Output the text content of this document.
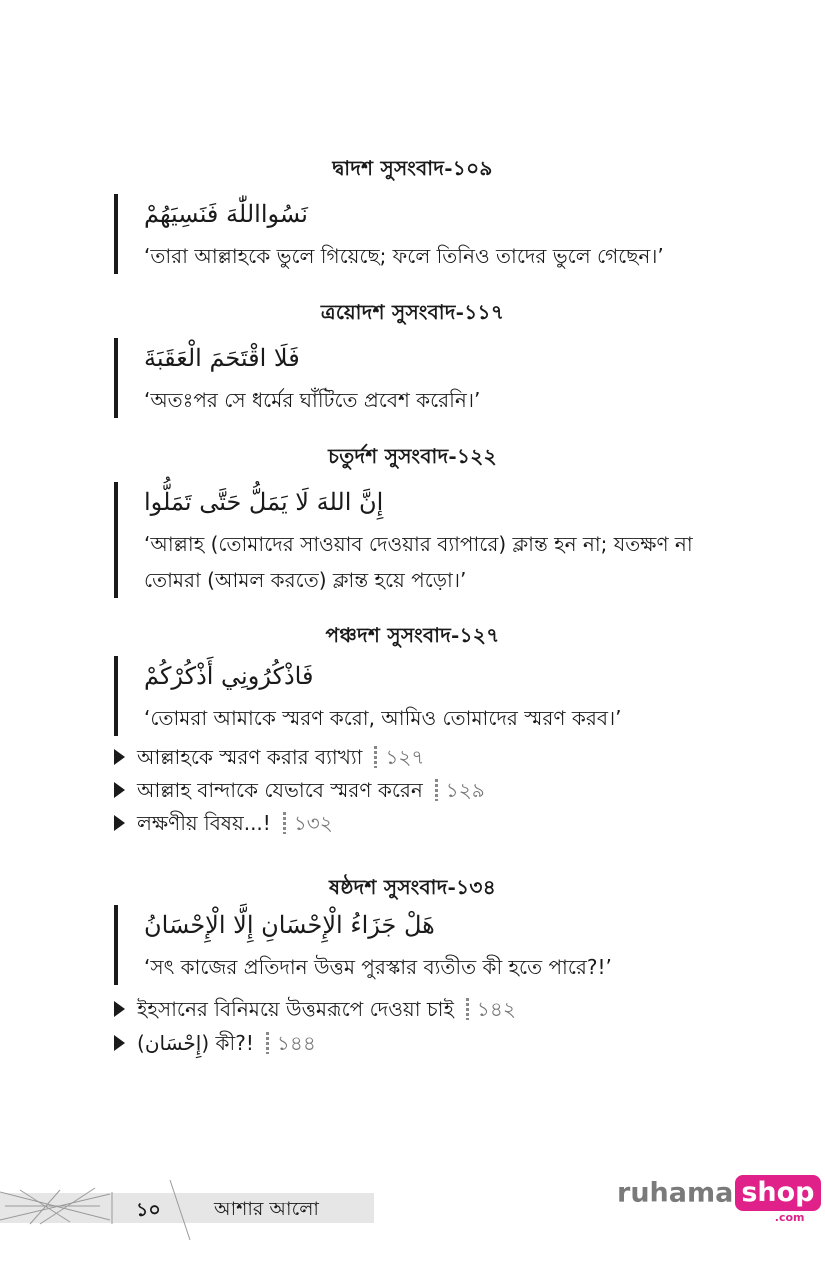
দ্বাদশ সুসংবাদ-১০৯
نَسُوااللّٰهَ فَنَسِيَهُمْ
‘তারা আল্লাহকে ভুলে গিয়েছে; ফলে তিনিও তাদের ভুলে গেছেন।’
ত্রয়োদশ সুসংবাদ-১১৭
فَلَا اقْتَحَمَ الْعَقَبَةَ
‘অতঃপর সে ধর্মের ঘাঁটিতে প্রবেশ করেনি।’
চতুর্দশ সুসংবাদ-১২২
إِنَّ اللهَ لَا يَمَلُّ حَتَّى تَمَلُّوا
‘আল্লাহ (তোমাদের সাওয়াব দেওয়ার ব্যাপারে) ক্লান্ত হন না; যতক্ষণ না
তোমরা (আমল করতে) ক্লান্ত হয়ে পড়ো।’
পঞ্চদশ সুসংবাদ-১২৭
فَاذْكُرُونِي أَذْكُرْكُمْ
‘তোমরা আমাকে স্মরণ করো, আমিও তোমাদের স্মরণ করব।’
আল্লাহকে স্মরণ করার ব্যাখ্যা ১২৭
আল্লাহ বান্দাকে যেভাবে স্মরণ করেন ১২৯
লক্ষণীয় বিষয়...! ১৩২
ষষ্ঠদশ সুসংবাদ-১৩৪
هَلْ جَزَاءُ الْإِحْسَانِ إِلَّا الْإِحْسَانُ
‘সৎ কাজের প্রতিদান উত্তম পুরস্কার ব্যতীত কী হতে পারে?!’
ইহসানের বিনিময়ে উত্তমরূপে দেওয়া চাই ১৪২
(إِحْسَان) কী?! ১৪৪
১০	আশার আলো
ruhama shop
.com
